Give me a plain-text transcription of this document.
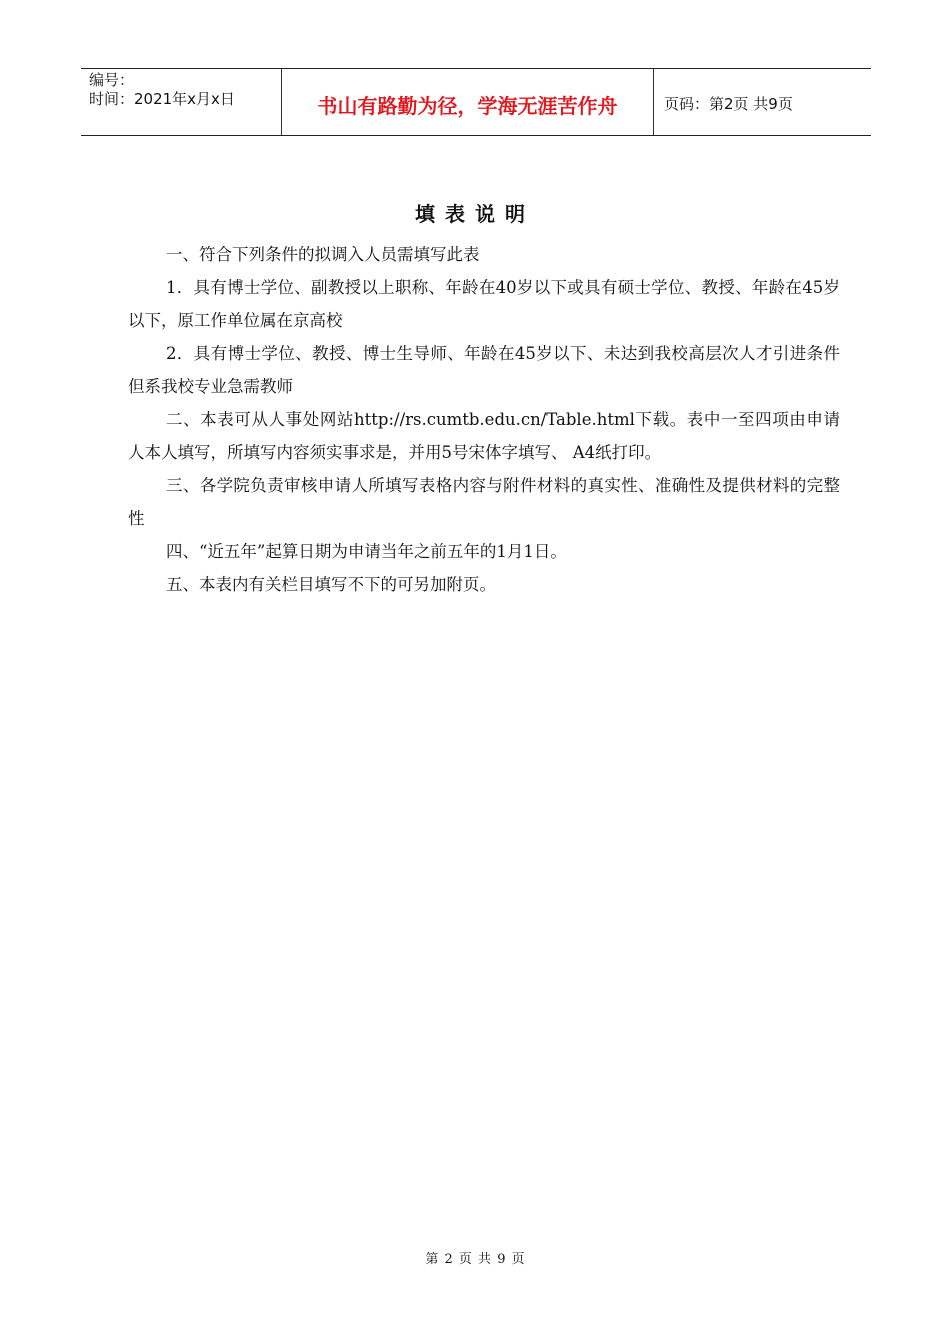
编号：
时间：2021年x月x日	书山有路勤为径，学海无涯苦作舟	页码：第2页 共9页
填表说明

一、符合下列条件的拟调入人员需填写此表

1．具有博士学位、副教授以上职称、年龄在40岁以下或具有硕士学位、教授、年龄在45岁以下，原工作单位属在京高校

2．具有博士学位、教授、博士生导师、年龄在45岁以下、未达到我校高层次人才引进条件但系我校专业急需教师

二、本表可从人事处网站http://rs.cumtb.edu.cn/Table.html下载。表中一至四项由申请人本人填写，所填写内容须实事求是，并用5号宋体字填写、 A4纸打印。

三、各学院负责审核申请人所填写表格内容与附件材料的真实性、准确性及提供材料的完整性

四、“近五年”起算日期为申请当年之前五年的1月1日。

五、本表内有关栏目填写不下的可另加附页。

第 2 页 共 9 页
